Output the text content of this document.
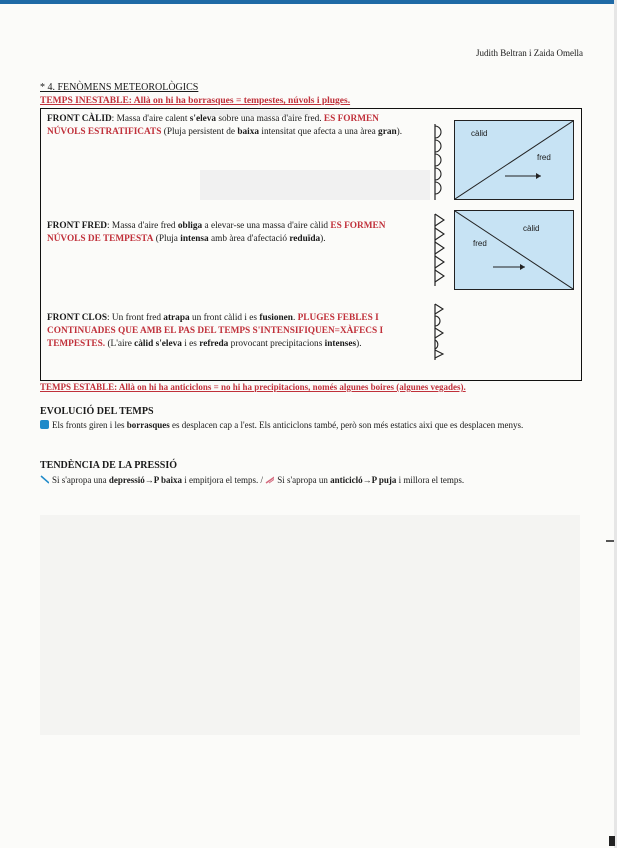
Judith Beltran i Zaida Omella
* 4. FENÒMENS METEOROLÒGICS
TEMPS INESTABLE: Allà on hi ha borrasques = tempestes, núvols i pluges.
FRONT CÀLID: Massa d'aire calent s'eleva sobre una massa d'aire fred. ES FORMEN NÚVOLS ESTRATIFICATS (Pluja persistent de baixa intensitat que afecta a una àrea gran).	càlid
fred
FRONT FRED: Massa d'aire fred obliga a elevar-se una massa d'aire càlid ES FORMEN NÚVOLS DE TEMPESTA (Pluja intensa amb àrea d'afectació reduïda).
càlid
fred
FRONT CLOS: Un front fred atrapa un front càlid i es fusionen. PLUGES FEBLES I CONTINUADES QUE AMB EL PAS DEL TEMPS S'INTENSIFIQUEN=XÀFECS I TEMPESTES. (L'aire càlid s'eleva i es refreda provocant precipitacions intenses).
TEMPS ESTABLE: Allà on hi ha anticiclons = no hi ha precipitacions, només algunes boires (algunes vegades).
EVOLUCIÓ DEL TEMPS
Els fronts giren i les borrasques es desplacen cap a l'est. Els anticiclons també, però son més estatics aixi que es desplacen menys.
TENDÈNCIA DE LA PRESSIÓ
Si s'apropa una depressió→P baixa i empitjora el temps. / Si s'apropa un anticicló→P puja i millora el temps.
